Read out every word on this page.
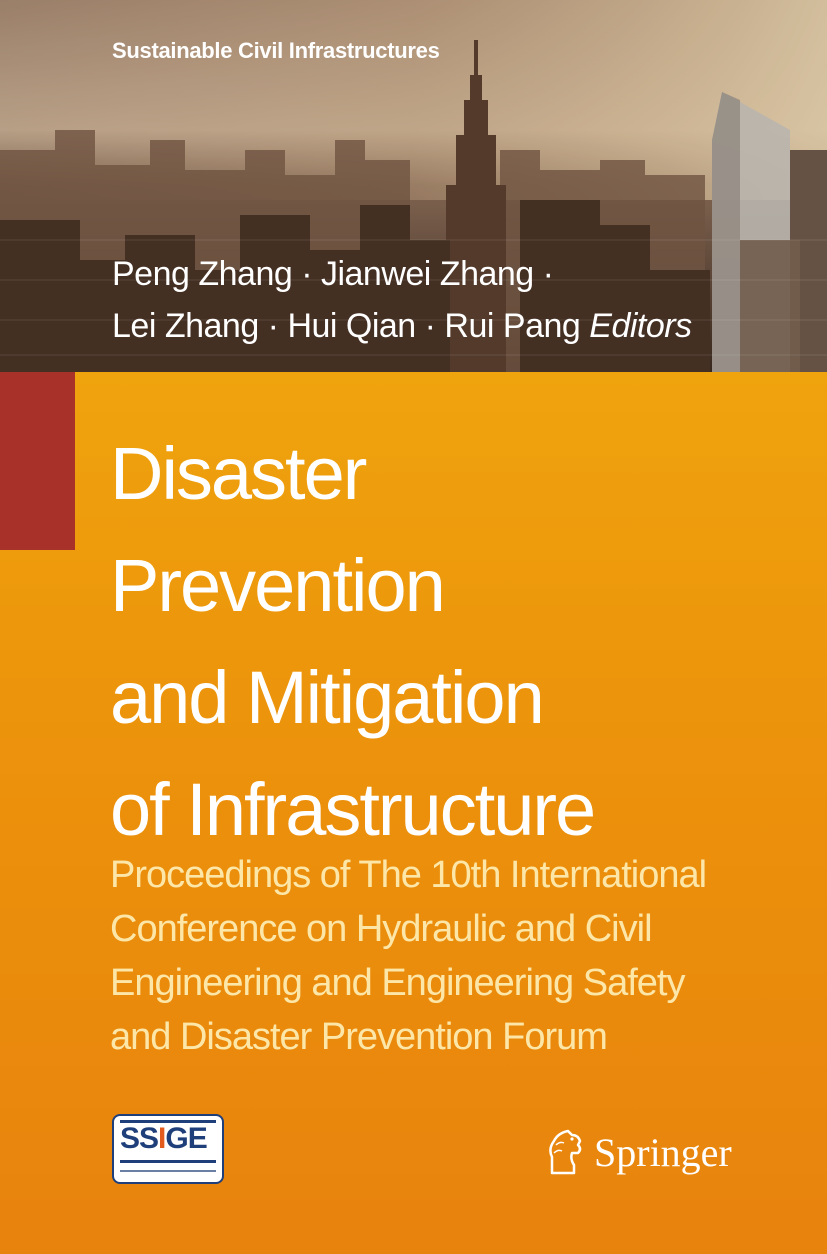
Sustainable Civil Infrastructures
Peng Zhang · Jianwei Zhang ·
Lei Zhang · Hui Qian · Rui Pang Editors
Disaster
Prevention
and Mitigation
of Infrastructure
Proceedings of The 10th International
Conference on Hydraulic and Civil
Engineering and Engineering Safety
and Disaster Prevention Forum
SSIGE	Springer
